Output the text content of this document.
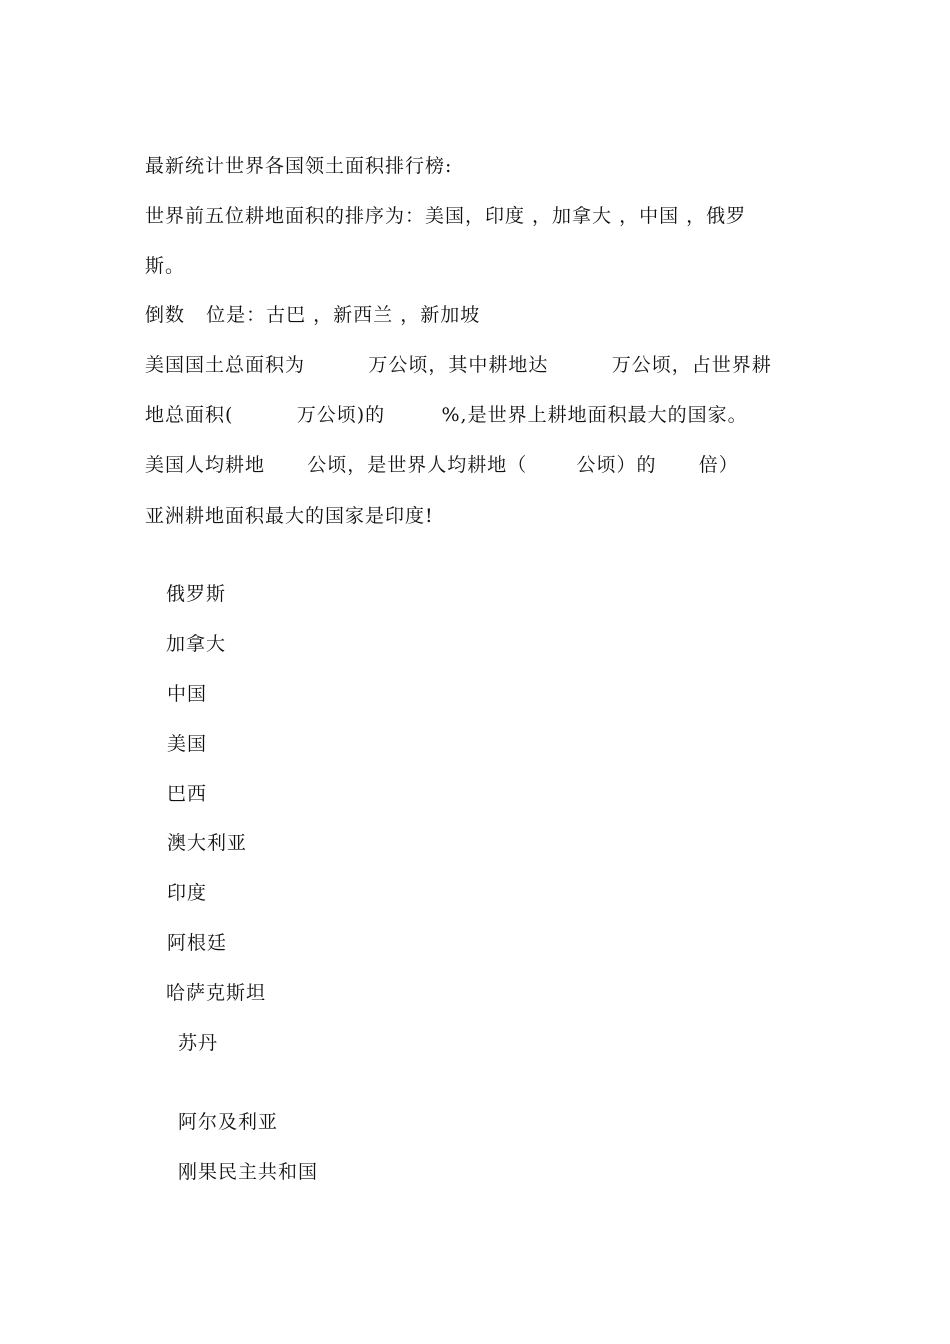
最新统计世界各国领土面积排行榜:
世界前五位耕地面积的排序为：美国，印度 ，加拿大 ，中国 ，俄罗
斯。
倒数   位是：古巴 ，新西兰 ，新加坡
美国国土总面积为         万公顷，其中耕地达         万公顷，占世界耕
地总面积(         万公顷)的        %,是世界上耕地面积最大的国家。
美国人均耕地      公顷，是世界人均耕地（       公顷）的      倍）
亚洲耕地面积最大的国家是印度!
俄罗斯
加拿大
中国
美国
巴西
澳大利亚
印度
阿根廷
哈萨克斯坦
苏丹
阿尔及利亚
刚果民主共和国
